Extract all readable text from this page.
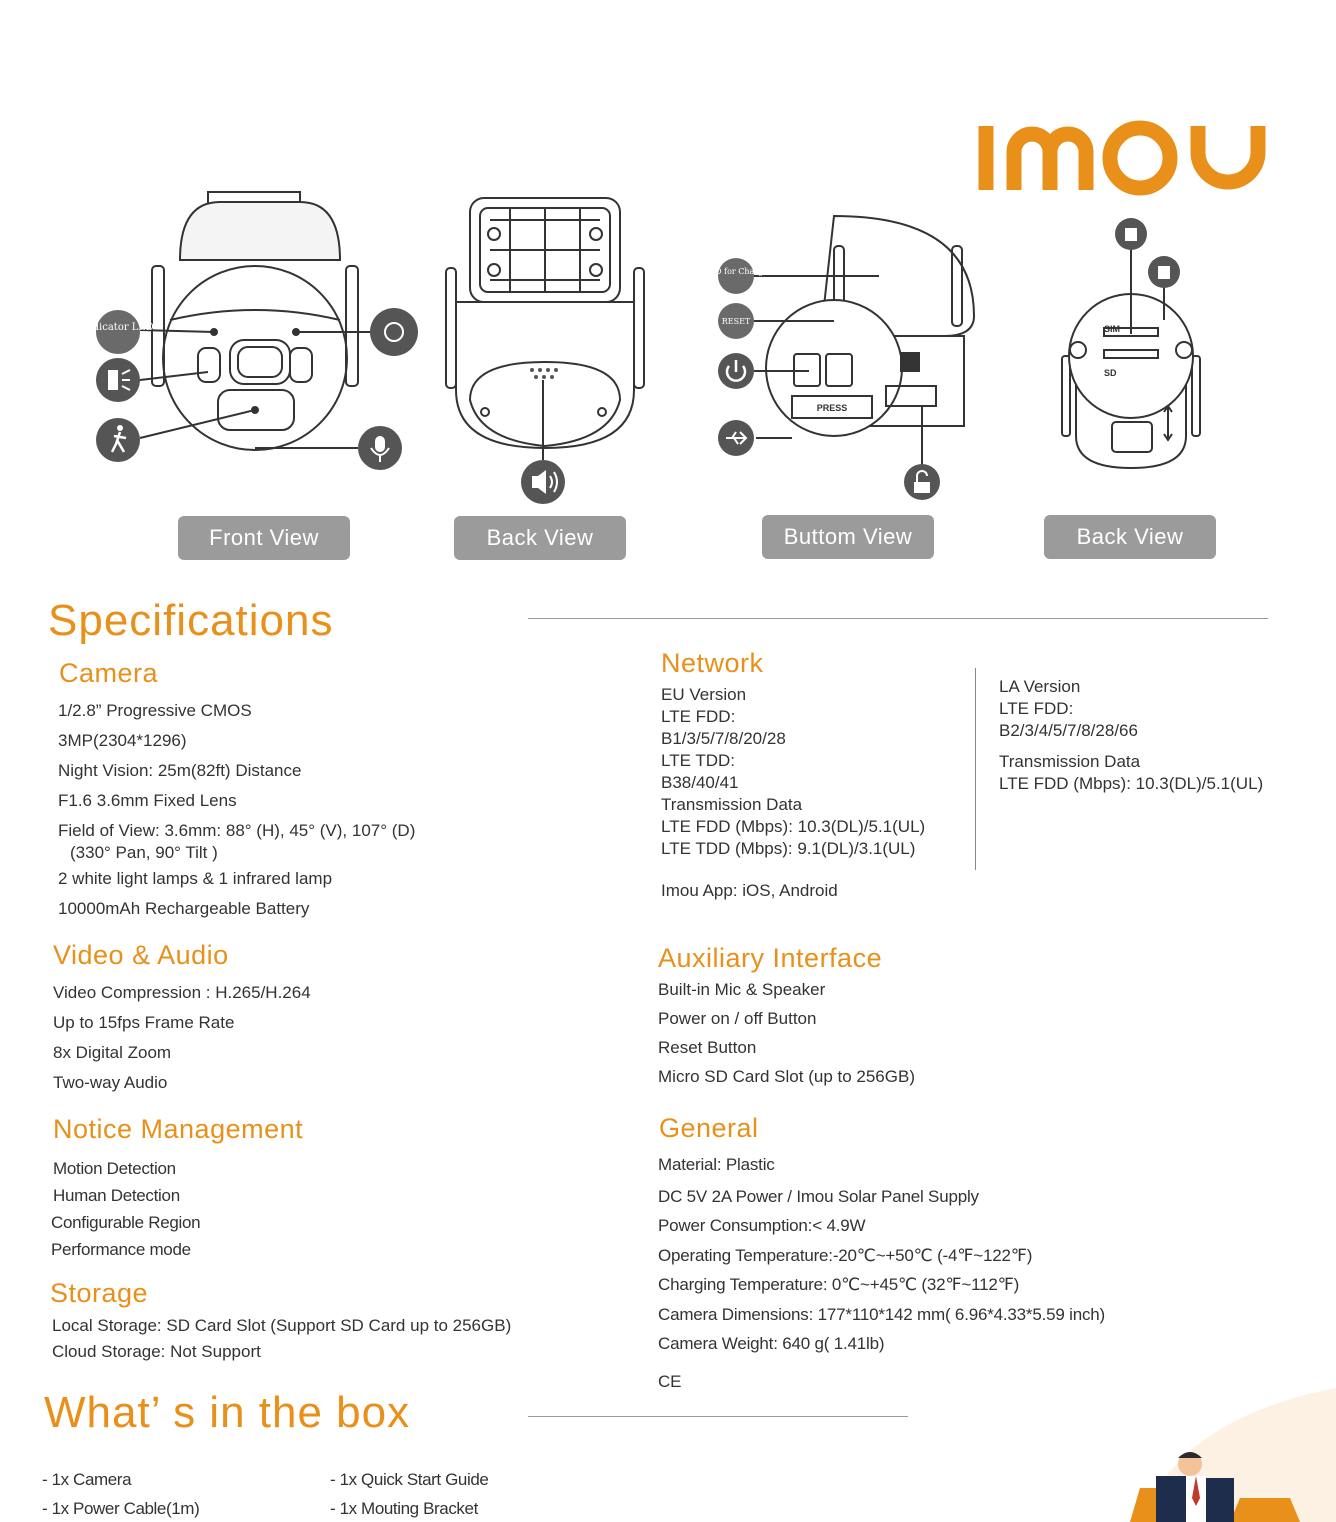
Indicator LED
Front View	Back View
PRESS
LED for Charge
RESET
Buttom View
SIM
SD
Back View
Specifications
Camera
1/2.8” Progressive CMOS
3MP(2304*1296)
Night Vision: 25m(82ft) Distance
F1.6 3.6mm Fixed Lens
Field of View: 3.6mm: 88° (H), 45° (V), 107° (D)
(330° Pan, 90° Tilt )
2 white light lamps & 1 infrared lamp
10000mAh Rechargeable Battery
Video & Audio
Video Compression : H.265/H.264
Up to 15fps Frame Rate
8x Digital Zoom
Two-way Audio
Notice Management
Motion Detection
Human Detection
Configurable Region
Performance mode
Storage
Local Storage: SD Card Slot (Support SD Card up to 256GB)
Cloud Storage: Not Support
Network
EU Version
LTE FDD:
B1/3/5/7/8/20/28
LTE TDD:
B38/40/41
Transmission Data
LTE FDD (Mbps): 10.3(DL)/5.1(UL)
LTE TDD (Mbps): 9.1(DL)/3.1(UL)
Imou App: iOS, Android
LA Version
LTE FDD:
B2/3/4/5/7/8/28/66
Transmission Data
LTE FDD (Mbps): 10.3(DL)/5.1(UL)
Auxiliary Interface
Built-in Mic & Speaker
Power on / off Button
Reset Button
Micro SD Card Slot (up to 256GB)
General
Material: Plastic
DC 5V 2A Power / Imou Solar Panel Supply
Power Consumption:< 4.9W
Operating Temperature:-20℃~+50℃ (-4℉~122℉)
Charging Temperature: 0℃~+45℃ (32℉~112℉)
Camera Dimensions: 177*110*142 mm( 6.96*4.33*5.59 inch)
Camera Weight: 640 g( 1.41lb)
CE
What’ s in the box
- 1x Camera
- 1x Power Cable(1m)
- 1x Quick Start Guide
- 1x Mouting Bracket
